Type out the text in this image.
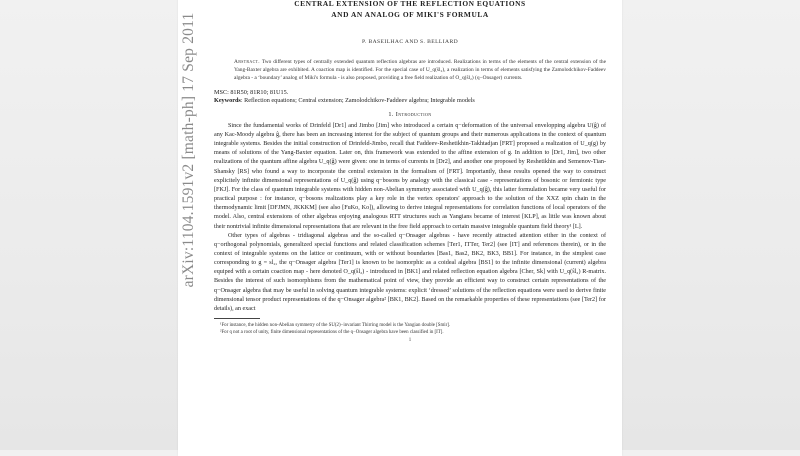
CENTRAL EXTENSION OF THE REFLECTION EQUATIONS
AND AN ANALOG OF MIKI'S FORMULA
P. BASEILHAC AND S. BELLIARD
Abstract. Two different types of centrally extended quantum reflection algebras are introduced. Realizations in terms of the elements of the central extension of the Yang-Baxter algebra are exhibited. A coaction map is identified. For the special case of U_q(ŝl₂), a realization in terms of elements satisfying the Zamolodchikov-Faddeev algebra - a ‘boundary’ analog of Miki's formula - is also proposed, providing a free field realization of O_q(ŝl₂) (q−Onsager) currents.
MSC: 81R50; 81R10; 81U15.
Keywords: Reflection equations; Central extension; Zamolodchikov-Faddeev algebra; Integrable models
1. Introduction

Since the fundamental works of Drinfeld [Dr1] and Jimbo [Jim] who introduced a certain q−deformation of the universal envelopping algebra U(ĝ) of any Kac-Moody algebra ĝ, there has been an increasing interest for the subject of quantum groups and their numerous applications in the context of quantum integrable systems. Besides the initial construction of Drinfeld-Jimbo, recall that Faddeev-Reshetikhin-Takhtadjan [FRT] proposed a realization of U_q(g) by means of solutions of the Yang-Baxter equation. Later on, this framework was extended to the affine extension of g. In addition to [Dr1, Jim], two other realizations of the quantum affine algebra U_q(ĝ) were given: one in terms of currents in [Dr2], and another one proposed by Reshetikhin and Semenov-Tian-Shansky [RS] who found a way to incorporate the central extension in the formalism of [FRT]. Importantly, these results opened the way to construct explicitely infinite dimensional representations of U_q(ĝ) using q−bosons by analogy with the classical case - representations of bosonic or fermionic type [FKJ]. For the class of quantum integrable systems with hidden non-Abelian symmetry associated with U_q(ĝ), this latter formulation became very useful for practical purpose : for instance, q−bosons realizations play a key role in the vertex operators' approach to the solution of the XXZ spin chain in the thermodynamic limit [DFJMN, JKKKM] (see also [FuKo, Ko]), allowing to derive integral representations for correlation functions of local operators of the model. Also, central extensions of other algebras enjoying analogous RTT structures such as Yangians became of interest [KLP], as little was known about their nontrivial infinite dimensional representations that are relevant in the free field approach to certain massive integrable quantum field theory¹ [L].

Other types of algebras - tridiagonal algebras and the so-called q−Onsager algebras - have recently attracted attention either in the context of q−orthogonal polynomials, generalized special functions and related classification schemes [Ter1, ITTer, Ter2] (see [IT] and references therein), or in the context of integrable systems on the lattice or continuum, with or without boundaries [Bas1, Bas2, BK2, BK3, BB1]. For instance, in the simplest case corresponding to g = sl₂, the q−Onsager algebra [Ter1] is known to be isomorphic as a coideal algebra [BS1] to the infinite dimensional (current) algebra equiped with a certain coaction map - here denoted O_q(ŝl₂) - introduced in [BK1] and related reflection equation algebra [Cher, Sk] with U_q(ŝl₂) R-matrix. Besides the interest of such isomorphisms from the mathematical point of view, they provide an efficient way to construct certain representations of the q−Onsager algebra that may be useful in solving quantum integrable systems: explicit ‘dressed’ solutions of the reflection equations were used to derive finite dimensional tensor product representations of the q−Onsager algebra² [BK1, BK2]. Based on the remarkable properties of these representations (see [Ter2] for details), an exact

¹For instance, the hidden non-Abelian symmetry of the SU(2)−invariant Thirring model is the Yangian double [Smir].
²For q not a root of unity, finite dimensional representations of the q−Onsager algebra have been classified in [IT].
1
arXiv:1104.1591v2 [math-ph] 17 Sep 2011
